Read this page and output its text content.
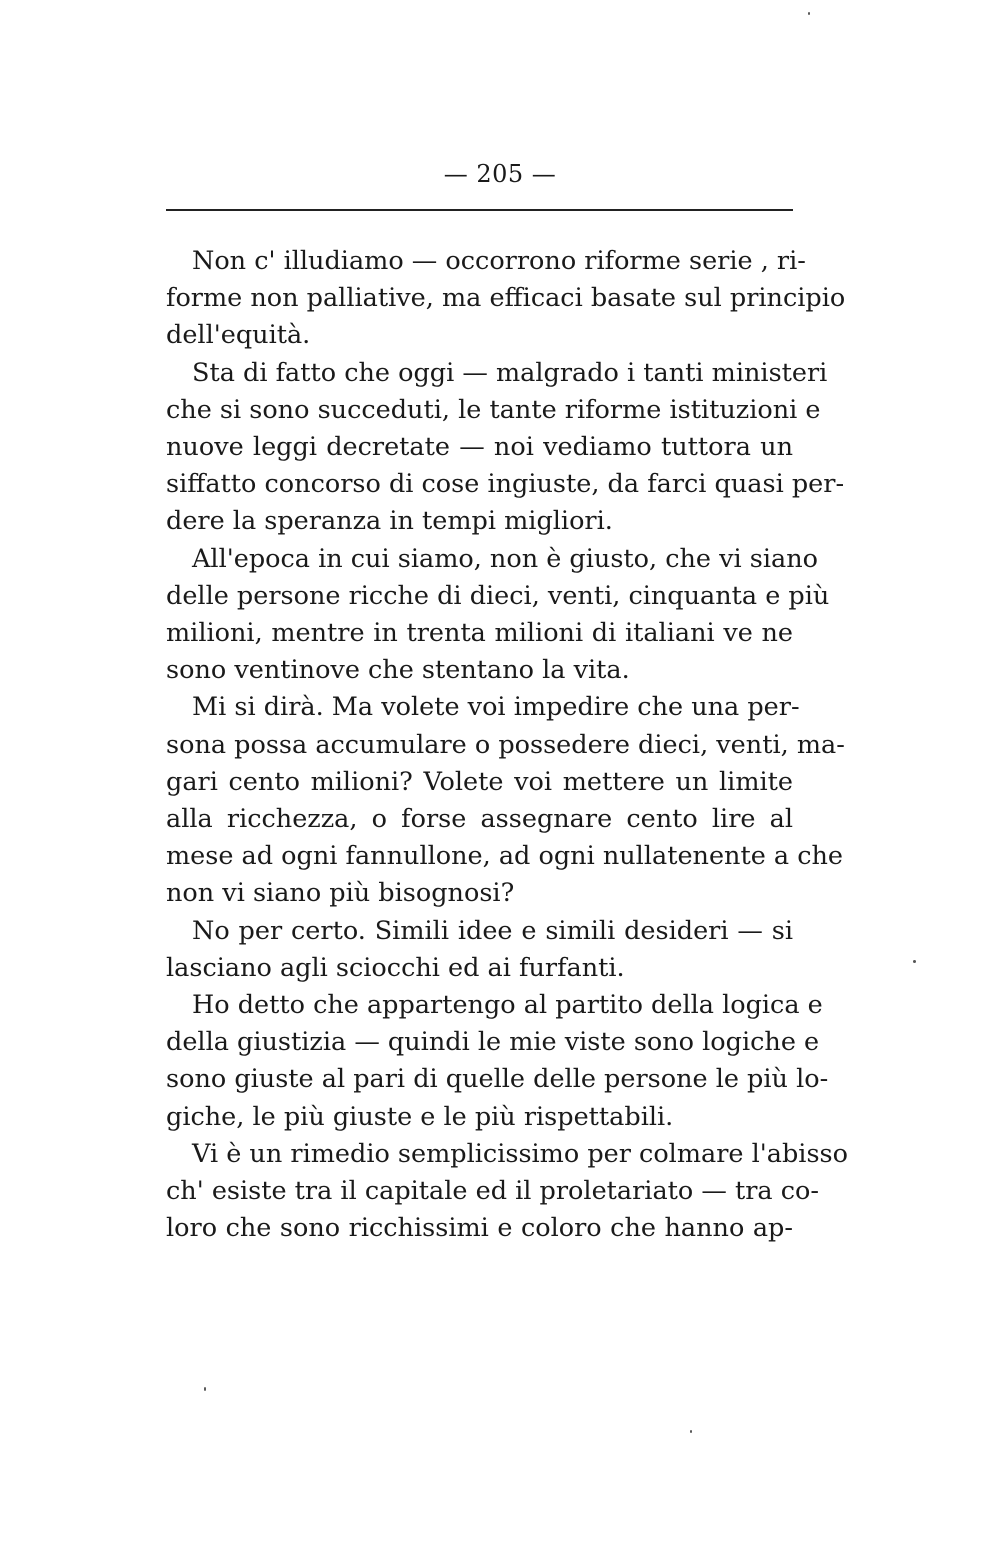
— 205 —
Non c' illudiamo — occorrono riforme serie , ri-
forme non palliative, ma efficaci basate sul principio
dell'equità.
Sta di fatto che oggi — malgrado i tanti ministeri
che si sono succeduti, le tante riforme istituzioni e
nuove leggi decretate — noi vediamo tuttora un
siffatto concorso di cose ingiuste, da farci quasi per-
dere la speranza in tempi migliori.
All'epoca in cui siamo, non è giusto, che vi siano
delle persone ricche di dieci, venti, cinquanta e più
milioni, mentre in trenta milioni di italiani ve ne
sono ventinove che stentano la vita.
Mi si dirà. Ma volete voi impedire che una per-
sona possa accumulare o possedere dieci, venti, ma-
gari cento milioni? Volete voi mettere un limite
alla ricchezza, o forse assegnare cento lire al
mese ad ogni fannullone, ad ogni nullatenente a che
non vi siano più bisognosi?
No per certo. Simili idee e simili desideri — si
lasciano agli sciocchi ed ai furfanti.
Ho detto che appartengo al partito della logica e
della giustizia — quindi le mie viste sono logiche e
sono giuste al pari di quelle delle persone le più lo-
giche, le più giuste e le più rispettabili.
Vi è un rimedio semplicissimo per colmare l'abisso
ch' esiste tra il capitale ed il proletariato — tra co-
loro che sono ricchissimi e coloro che hanno ap-
